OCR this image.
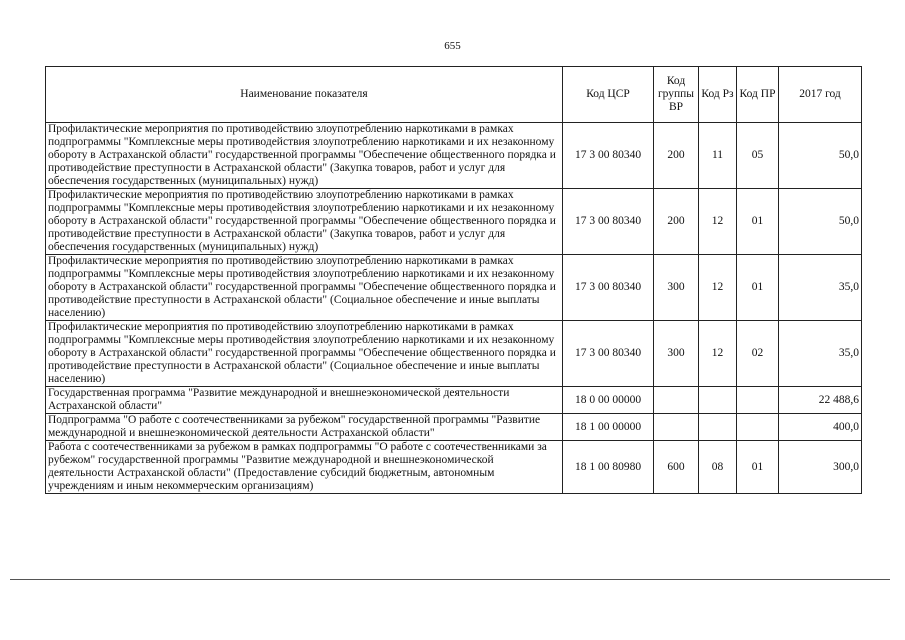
655
Наименование показателя	Код ЦСР	Код группы ВР	Код Рз	Код ПР	2017 год
Профилактические мероприятия по противодействию злоупотреблению наркотиками в рамках подпрограммы "Комплексные меры противодействия злоупотреблению наркотиками и их незаконному обороту в Астраханской области" государственной программы "Обеспечение общественного порядка и противодействие преступности в Астраханской области" (Закупка товаров, работ и услуг для обеспечения государственных (муниципальных) нужд)	17 3 00 80340	200	11	05	50,0
Профилактические мероприятия по противодействию злоупотреблению наркотиками в рамках подпрограммы "Комплексные меры противодействия злоупотреблению наркотиками и их незаконному обороту в Астраханской области" государственной программы "Обеспечение общественного порядка и противодействие преступности в Астраханской области" (Закупка товаров, работ и услуг для обеспечения государственных (муниципальных) нужд)	17 3 00 80340	200	12	01	50,0
Профилактические мероприятия по противодействию злоупотреблению наркотиками в рамках подпрограммы "Комплексные меры противодействия злоупотреблению наркотиками и их незаконному обороту в Астраханской области" государственной программы "Обеспечение общественного порядка и противодействие преступности в Астраханской области" (Социальное обеспечение и иные выплаты населению)	17 3 00 80340	300	12	01	35,0
Профилактические мероприятия по противодействию злоупотреблению наркотиками в рамках подпрограммы "Комплексные меры противодействия злоупотреблению наркотиками и их незаконному обороту в Астраханской области" государственной программы "Обеспечение общественного порядка и противодействие преступности в Астраханской области" (Социальное обеспечение и иные выплаты населению)	17 3 00 80340	300	12	02	35,0
Государственная программа "Развитие международной и внешнеэкономической деятельности Астраханской области"	18 0 00 00000				22 488,6
Подпрограмма "О работе с соотечественниками за рубежом" государственной программы "Развитие международной и внешнеэкономической деятельности Астраханской области"	18 1 00 00000				400,0
Работа с соотечественниками за рубежом в рамках подпрограммы "О работе с соотечественниками за рубежом" государственной программы "Развитие международной и внешнеэкономической деятельности Астраханской области" (Предоставление субсидий бюджетным, автономным учреждениям и иным некоммерческим организациям)	18 1 00 80980	600	08	01	300,0
